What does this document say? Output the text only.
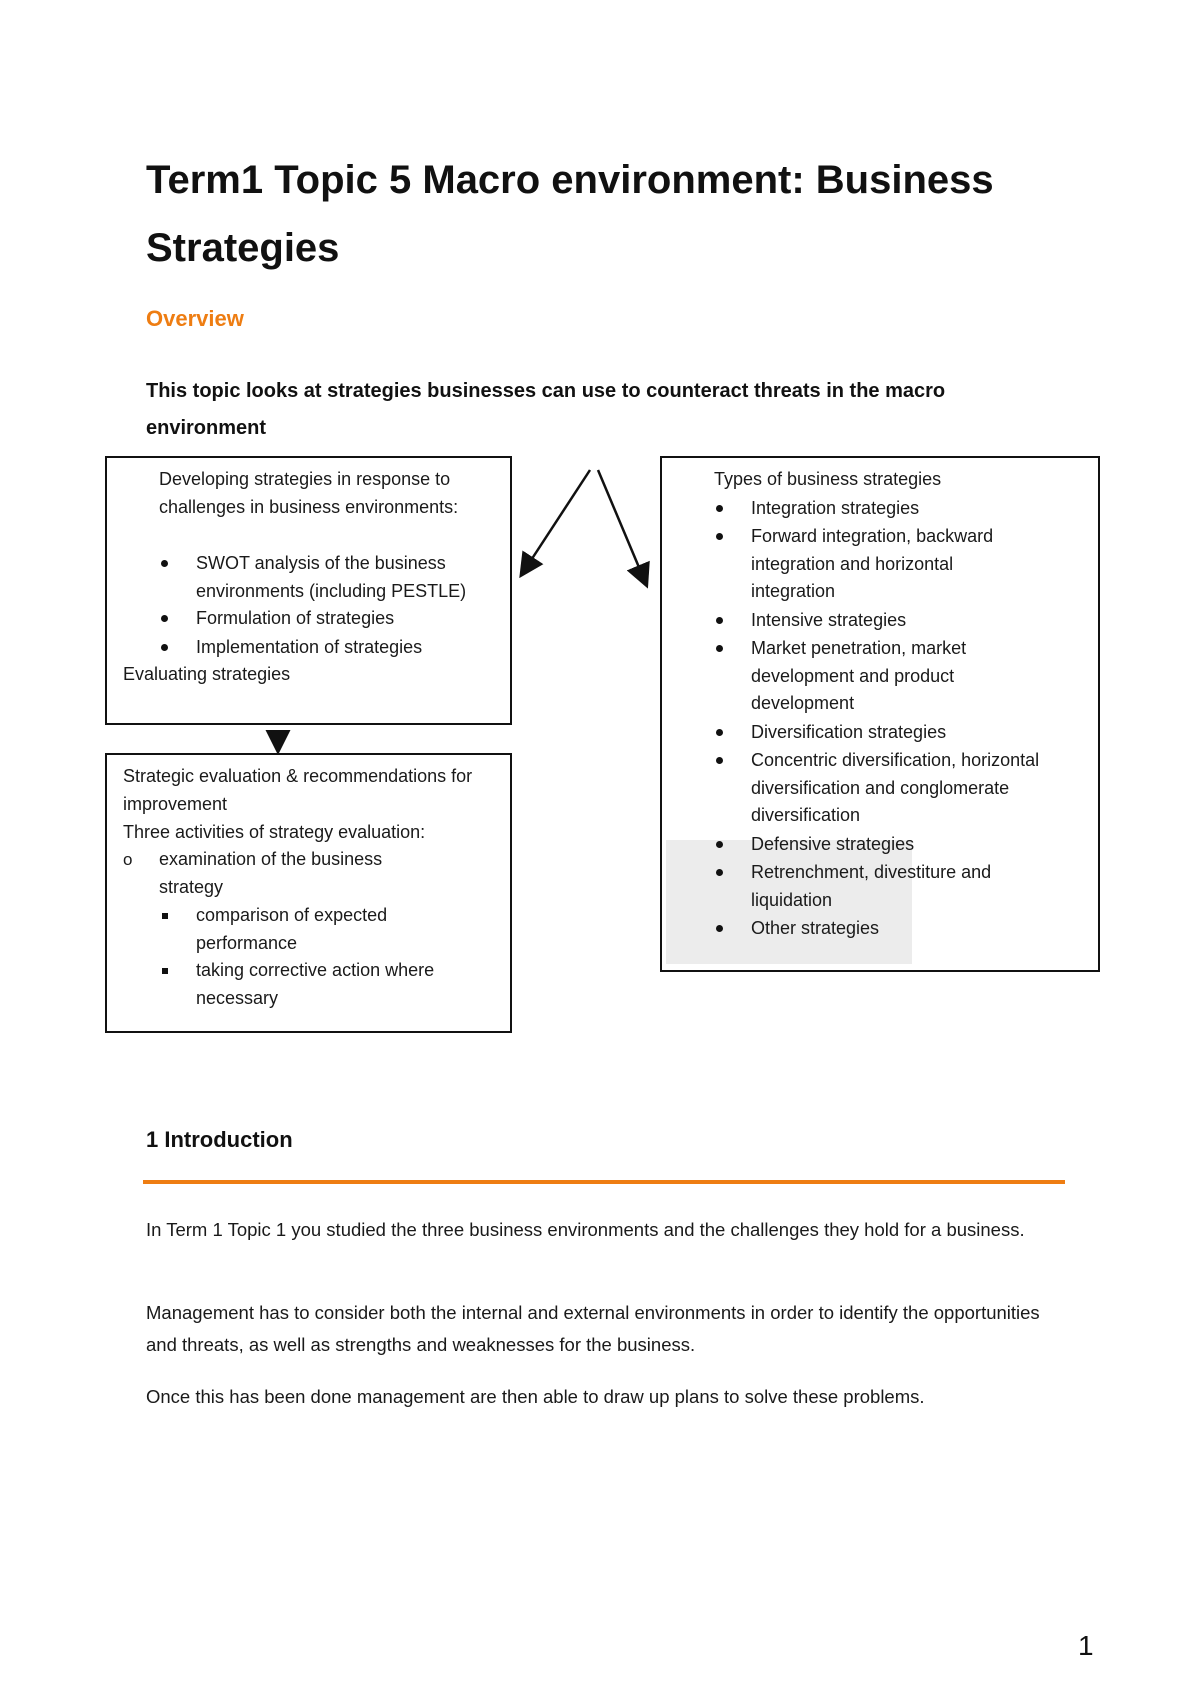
Term1 Topic 5 Macro environment: Business Strategies
Overview
This topic looks at strategies businesses can use to counteract threats in the macro environment
Developing strategies in response to challenges in business environments:
SWOT analysis of the business environments (including PESTLE)
Formulation of strategies
Implementation of strategies
Evaluating strategies
Strategic evaluation & recommendations for improvement
Three activities of strategy evaluation:
o examination of the business strategy
comparison of expected performance
taking corrective action where necessary
Types of business strategies
Integration strategies
Forward integration, backward integration and horizontal integration
Intensive strategies
Market penetration, market development and product development
Diversification strategies
Concentric diversification, horizontal diversification and conglomerate diversification
Defensive strategies
Retrenchment, divestiture and liquidation
Other strategies
1 Introduction
In Term 1 Topic 1 you studied the three business environments and the challenges they hold for a business.
Management has to consider both the internal and external environments in order to identify the opportunities and threats, as well as strengths and weaknesses for the business.
Once this has been done management are then able to draw up plans to solve these problems.
1
